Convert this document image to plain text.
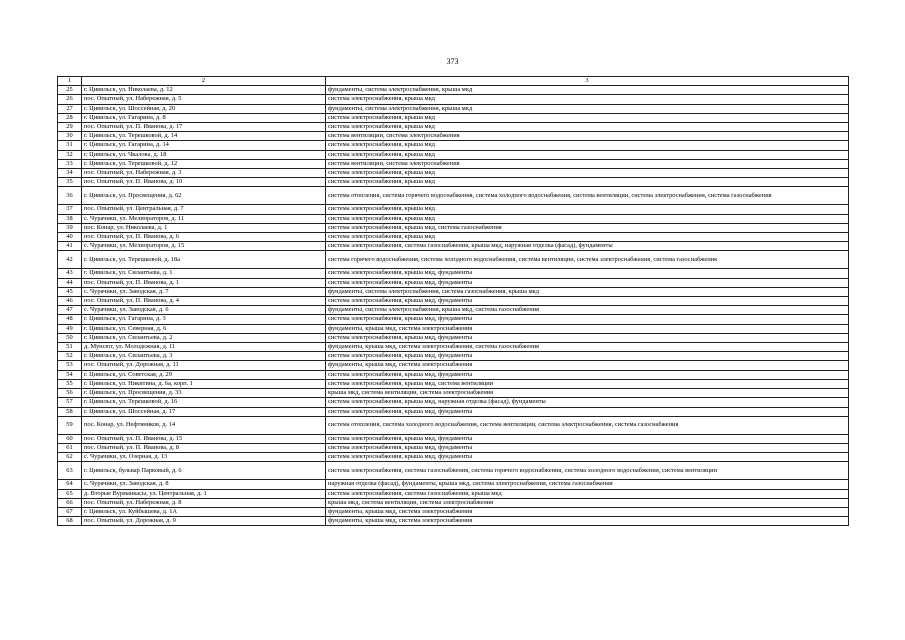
373
1	2	3
25	г. Цивильск, ул. Николаева, д. 12	фундаменты, система электроснабжения, крыша мкд
26	пос. Опытный, ул. Набережная, д. 5	система электроснабжения, крыша мкд
27	г. Цивильск, ул. Шоссейная, д. 20	фундаменты, система электроснабжения, крыша мкд
28	г. Цивильск, ул. Гагарина, д. 8	система электроснабжения, крыша мкд
29	пос. Опытный, ул. П. Иванова, д. 17	система электроснабжения, крыша мкд
30	г. Цивильск, ул. Терешковой, д. 14	система вентиляции, система электроснабжения
31	г. Цивильск, ул. Гагарина, д. 14	система электроснабжения, крыша мкд
32	г. Цивильск, ул. Чкалова, д. 18	система электроснабжения, крыша мкд
33	г. Цивильск, ул. Терешковой, д. 12	система вентиляции, система электроснабжения
34	пос. Опытный, ул. Набережная, д. 3	система электроснабжения, крыша мкд
35	пос. Опытный, ул. П. Иванова, д. 10	система электроснабжения, крыша мкд
36	г. Цивильск, ул. Просвещения, д. 62	система отопления, система горячего водоснабжения, система холодного водоснабжения, система вентиляции, система электроснабжения, система газоснабжения
37	пос. Опытный, ул. Центральная, д. 7	система электроснабжения, крыша мкд
38	с. Чурачики, ул. Мелиораторов, д. 11	система электроснабжения, крыша мкд
39	пос. Конар, ул. Николаева, д. 1	система электроснабжения, крыша мкд, система газоснабжения
40	пос. Опытный, ул. П. Иванова, д. 6	система электроснабжения, крыша мкд
41	с. Чурачики, ул. Мелиораторов, д. 15	система электроснабжения, система газоснабжения, крыша мкд, наружная отделка (фасад), фундаменты
42	г. Цивильск, ул. Терешковой, д. 18а	система горячего водоснабжения, система холодного водоснабжения, система вентиляции, система электроснабжения, система газоснабжения
43	г. Цивильск, ул. Силантьева, д. 1	система электроснабжения, крыша мкд, фундаменты
44	пос. Опытный, ул. П. Иванова, д. 1	система электроснабжения, крыша мкд, фундаменты
45	с. Чурачики, ул. Заводская, д. 7	фундаменты, система электроснабжения, система газоснабжения, крыша мкд
46	пос. Опытный, ул. П. Иванова, д. 4	система электроснабжения, крыша мкд, фундаменты
47	с. Чурачики, ул. Заводская, д. 6	фундаменты, система электроснабжения, крыша мкд, система газоснабжения
48	г. Цивильск, ул. Гагарина, д. 3	система электроснабжения, крыша мкд, фундаменты
49	г. Цивильск, ул. Северная, д. 6	фундаменты, крыша мкд, система электроснабжения
50	г. Цивильск, ул. Силантьева, д. 2	система электроснабжения, крыша мкд, фундаменты
51	д. Мунсют, ул. Молодежная, д. 11	фундаменты, крыша мкд, система электроснабжения, система газоснабжения
52	г. Цивильск, ул. Силантьева, д. 3	система электроснабжения, крыша мкд, фундаменты
53	пос. Опытный, ул. Дорожная, д. 11	фундаменты, крыша мкд, система электроснабжения
54	г. Цивильск, ул. Советская, д. 29	система электроснабжения, крыша мкд, фундаменты
55	г. Цивильск, ул. Никитина, д. 6а, корп. 1	система электроснабжения, крыша мкд, система вентиляции
56	г. Цивильск, ул. Просвещения, д. 33	крыша мкд, система вентиляции, система электроснабжения
57	г. Цивильск, ул. Терешковой, д. 16	система электроснабжения, крыша мкд, наружная отделка (фасад), фундаменты
58	г. Цивильск, ул. Шоссейная, д. 17	система электроснабжения, крыша мкд, фундаменты
59	пос. Конар, ул. Нефтяников, д. 14	система отопления, система холодного водоснабжения, система вентиляции, система электроснабжения, система газоснабжения
60	пос. Опытный, ул. П. Иванова, д. 15	система электроснабжения, крыша мкд, фундаменты
61	пос. Опытный, ул. П. Иванова, д. 8	система электроснабжения, крыша мкд, фундаменты
62	с. Чурачики, ул. Озерная, д. 13	система электроснабжения, крыша мкд, фундаменты
63	г. Цивильск, бульвар Парковый, д. 6	система электроснабжения, система газоснабжения, система горячего водоснабжения, система холодного водоснабжения, система вентиляции
64	с. Чурачики, ул. Заводская, д. 8	наружная отделка (фасад), фундаменты, крыша мкд, система электроснабжения, система газоснабжения
65	д. Вторые Вурманкасы, ул. Центральная, д. 1	система электроснабжения, система газоснабжения, крыша мкд
66	пос. Опытный, ул. Набережная, д. 8	крыша мкд, система вентиляции, система электроснабжения
67	г. Цивильск, ул. Куйбышева, д. 1А	фундаменты, крыша мкд, система электроснабжения
68	пос. Опытный, ул. Дорожная, д. 9	фундаменты, крыша мкд, система электроснабжения
